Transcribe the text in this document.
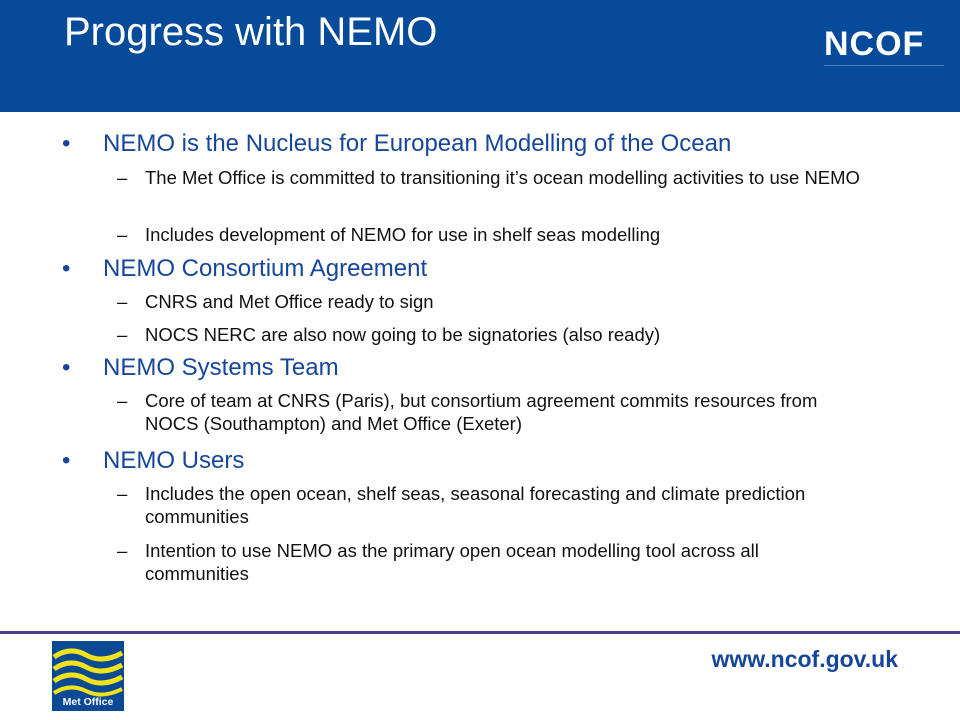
Progress with NEMO	NCOF
• NEMO is the Nucleus for European Modelling of the Ocean
– The Met Office is committed to transitioning it’s ocean modelling activities to use NEMO
– Includes development of NEMO for use in shelf seas modelling
• NEMO Consortium Agreement
– CNRS and Met Office ready to sign
– NOCS NERC are also now going to be signatories (also ready)
• NEMO Systems Team
– Core of team at CNRS (Paris), but consortium agreement commits resources from NOCS (Southampton) and Met Office (Exeter)
• NEMO Users
– Includes the open ocean, shelf seas, seasonal forecasting and climate prediction communities
– Intention to use NEMO as the primary open ocean modelling tool across all communities
Met Office
www.ncof.gov.uk
